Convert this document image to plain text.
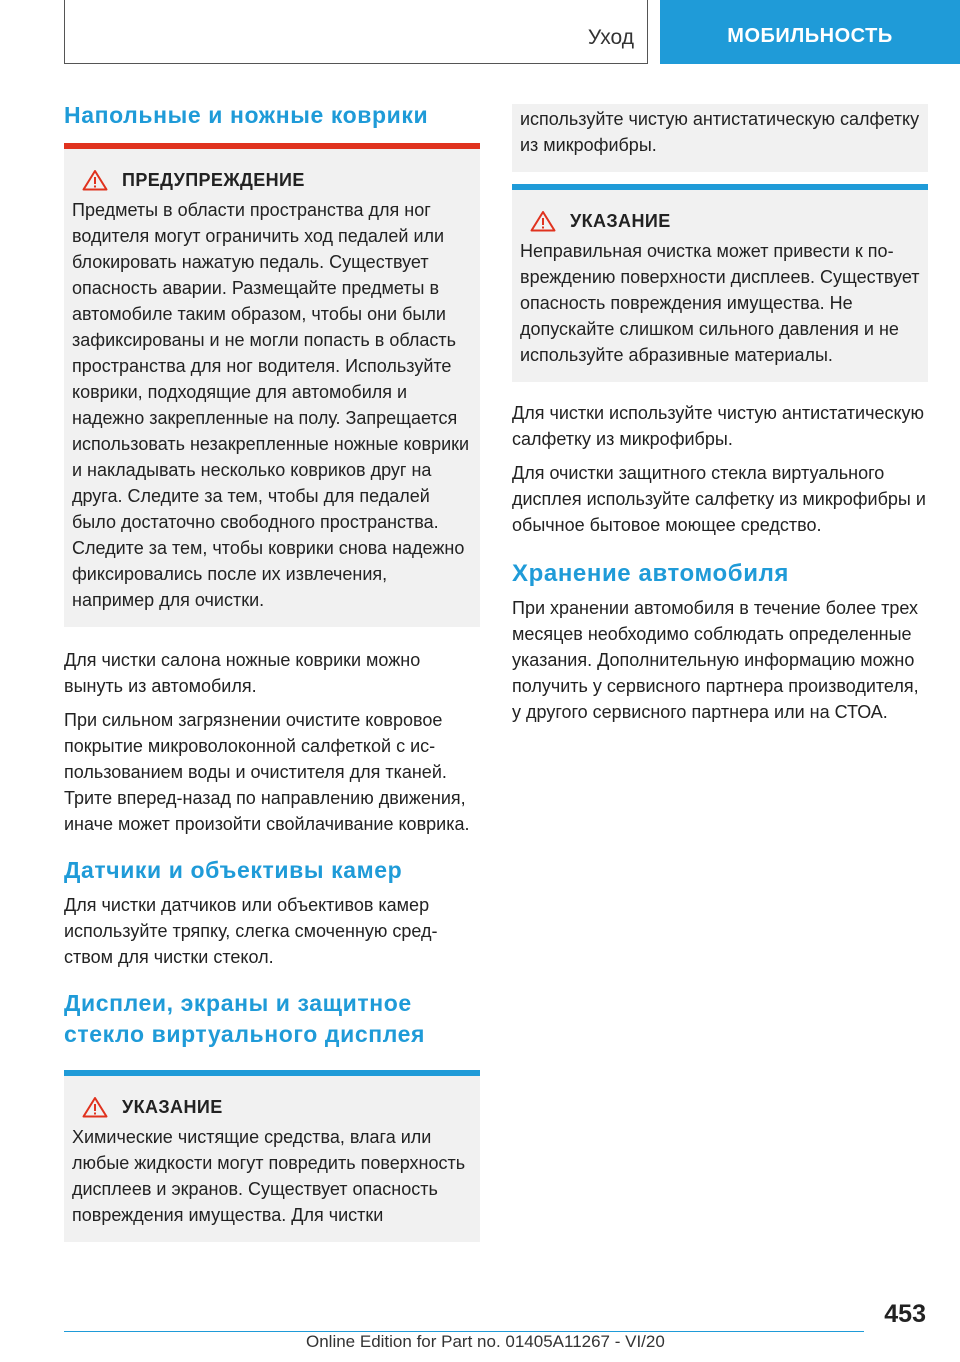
Уход	МОБИЛЬНОСТЬ
Напольные и ножные коврики
ПРЕДУПРЕЖДЕНИЕ

Предметы в области пространства для ног водителя могут ограничить ход педалей или блокировать нажатую педаль. Существует опасность аварии. Размещайте предметы в автомобиле таким образом, чтобы они были зафиксированы и не могли попасть в область пространства для ног водителя. Используйте коврики, подходящие для автомобиля и надежно закрепленные на полу. Запрещается использовать незакрепленные ножные коврики и накладывать несколько ковриков друг на друга. Следите за тем, чтобы для педалей было достаточно свободного пространства. Следите за тем, чтобы коврики снова надежно фиксировались после их извлечения, например для очистки.

Для чистки салона ножные коврики можно вынуть из автомобиля.

При сильном загрязнении очистите ковровое покрытие микроволоконной салфеткой с использованием воды и очистителя для тканей. Трите вперед-назад по направлению движения, иначе может произойти свойлачивание коврика.

Датчики и объективы камер

Для чистки датчиков или объективов камер используйте тряпку, слегка смоченную средством для чистки стекол.

Дисплеи, экраны и защитное стекло виртуального дисплея
УКАЗАНИЕ

Химические чистящие средства, влага или любые жидкости могут повредить поверхность дисплеев и экранов. Существует опасность повреждения имущества. Для чистки

используйте чистую антистатическую салфетку из микрофибры.

УКАЗАНИЕ

Неправильная очистка может привести к повреждению поверхности дисплеев. Существует опасность повреждения имущества. Не допускайте слишком сильного давления и не используйте абразивные материалы.

Для чистки используйте чистую антистатическую салфетку из микрофибры.

Для очистки защитного стекла виртуального дисплея используйте салфетку из микрофибры и обычное бытовое моющее средство.

Хранение автомобиля

При хранении автомобиля в течение более трех месяцев необходимо соблюдать определенные указания. Дополнительную информацию можно получить у сервисного партнера производителя, у другого сервисного партнера или на СТОА.

453
Online Edition for Part no. 01405A11267 - VI/20
